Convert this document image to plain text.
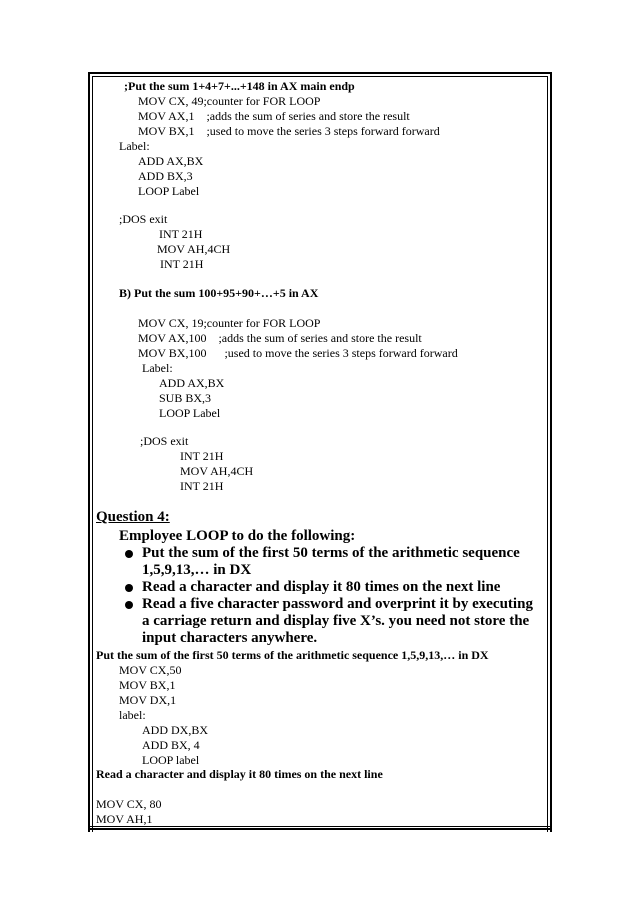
;Put the sum 1+4+7+...+148 in AX main endp
MOV CX, 49;counter for FOR LOOP
MOV AX,1    ;adds the sum of series and store the result
MOV BX,1    ;used to move the series 3 steps forward forward
Label:
ADD AX,BX
ADD BX,3
LOOP Label
;DOS exit
INT 21H
MOV AH,4CH
INT 21H
B) Put the sum 100+95+90+…+5 in AX
MOV CX, 19;counter for FOR LOOP
MOV AX,100    ;adds the sum of series and store the result
MOV BX,100      ;used to move the series 3 steps forward forward
Label:
ADD AX,BX
SUB BX,3
LOOP Label
;DOS exit
INT 21H
MOV AH,4CH
INT 21H
Question 4:
Employee LOOP to do the following:
Put the sum of the first 50 terms of the arithmetic sequence
1,5,9,13,… in DX
Read a character and display it 80 times on the next line
Read a five character password and overprint it by executing
a carriage return and display five X’s. you need not store the
input characters anywhere.
Put the sum of the first 50 terms of the arithmetic sequence 1,5,9,13,… in DX
MOV CX,50
MOV BX,1
MOV DX,1
label:
ADD DX,BX
ADD BX, 4
LOOP label
Read a character and display it 80 times on the next line
MOV CX, 80
MOV AH,1
